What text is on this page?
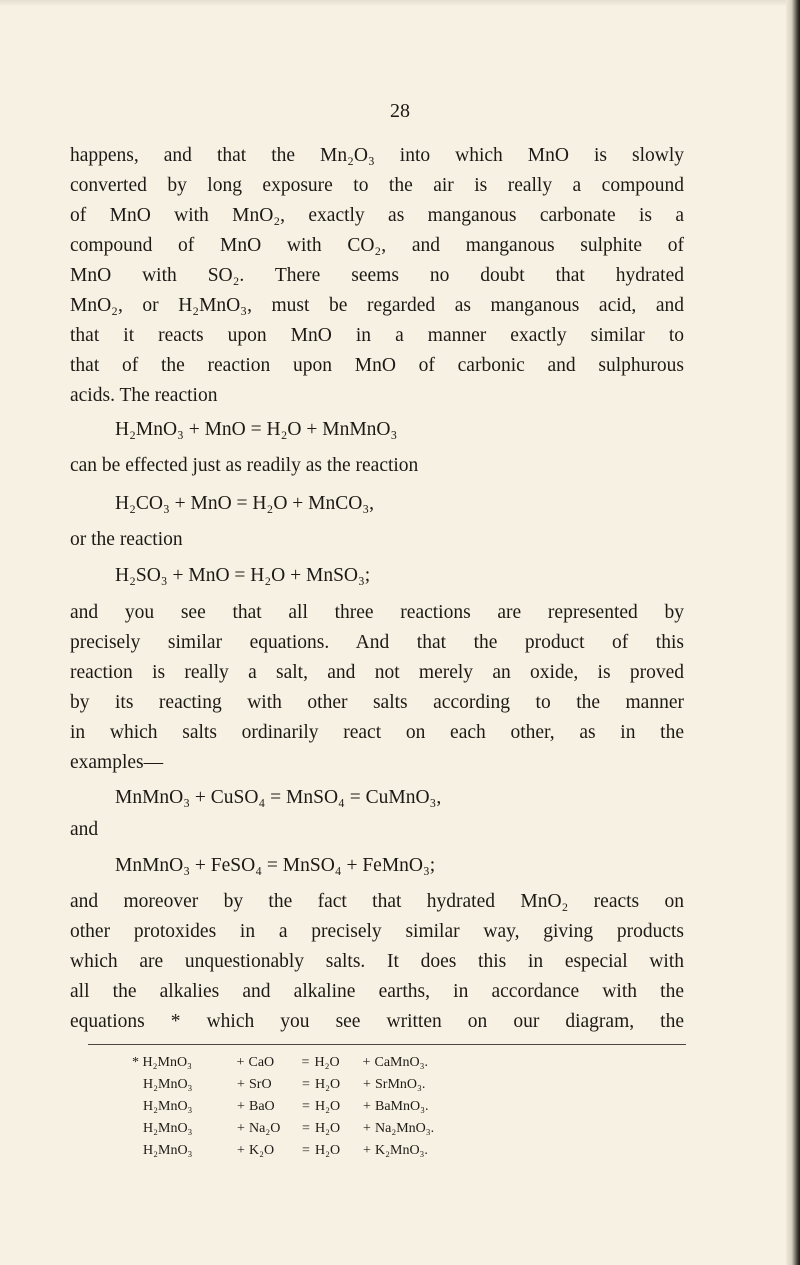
28
happens, and that the Mn₂O₃ into which MnO is slowly
converted by long exposure to the air is really a compound
of MnO with MnO₂, exactly as manganous carbonate is a
compound of MnO with CO₂, and manganous sulphite of
MnO with SO₂. There seems no doubt that hydrated
MnO₂, or H₂MnO₃, must be regarded as manganous acid, and
that it reacts upon MnO in a manner exactly similar to
that of the reaction upon MnO of carbonic and sulphurous
acids. The reaction
H₂MnO₃ + MnO = H₂O + MnMnO₃
can be effected just as readily as the reaction
H₂CO₃ + MnO = H₂O + MnCO₃,
or the reaction
H₂SO₃ + MnO = H₂O + MnSO₃;
and you see that all three reactions are represented by
precisely similar equations. And that the product of this
reaction is really a salt, and not merely an oxide, is proved
by its reacting with other salts according to the manner
in which salts ordinarily react on each other, as in the
examples—
MnMnO₃ + CuSO₄ = MnSO₄ = CuMnO₃,
and
MnMnO₃ + FeSO₄ = MnSO₄ + FeMnO₃;
and moreover by the fact that hydrated MnO₂ reacts on
other protoxides in a precisely similar way, giving products
which are unquestionably salts. It does this in especial with
all the alkalies and alkaline earths, in accordance with the
equations * which you see written on our diagram, the
* H₂MnO₃	+ CaO = H₂O + CaMnO₃.
H₂MnO₃	+ SrO = H₂O + SrMnO₃.
H₂MnO₃	+ BaO = H₂O + BaMnO₃.
H₂MnO₃	+ Na₂O = H₂O + Na₂MnO₃.
H₂MnO₃	+ K₂O = H₂O + K₂MnO₃.
